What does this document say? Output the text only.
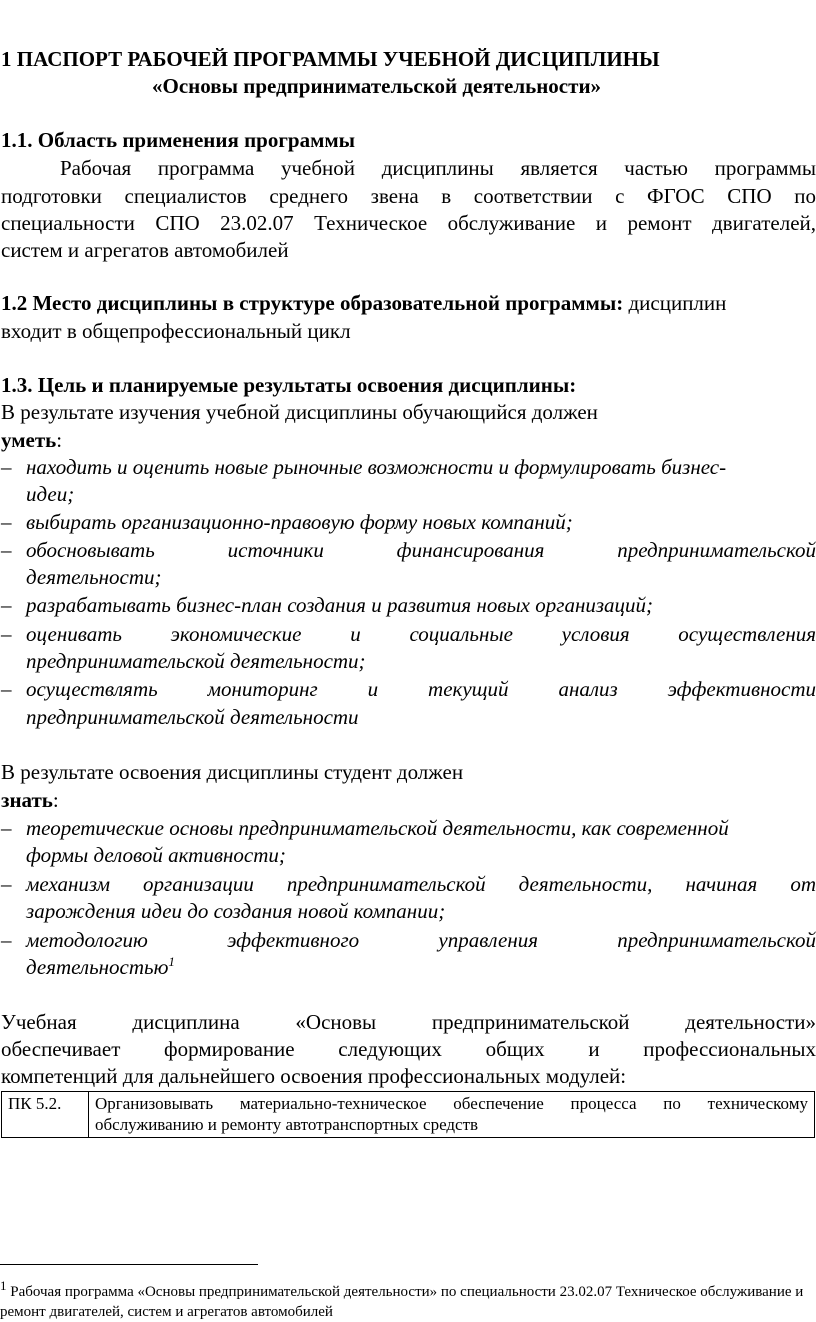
1 ПАСПОРТ РАБОЧЕЙ ПРОГРАММЫ УЧЕБНОЙ ДИСЦИПЛИНЫ
«Основы предпринимательской деятельности»
1.1. Область применения программы
Рабочая программа учебной дисциплины является частью программы
подготовки специалистов среднего звена в соответствии с ФГОС СПО по
специальности СПО 23.02.07 Техническое обслуживание и ремонт двигателей,
систем и агрегатов автомобилей
1.2 Место дисциплины в структуре образовательной программы: дисциплин
входит в общепрофессиональный цикл
1.3. Цель и планируемые результаты освоения дисциплины:
В результате изучения учебной дисциплины обучающийся должен
уметь:
– находить и оценить новые рыночные возможности и формулировать бизнес-
идеи;
– выбирать организационно-правовую форму новых компаний;
– обосновывать источники финансирования предпринимательской
деятельности;
– разрабатывать бизнес-план создания и развития новых организаций;
– оценивать экономические и социальные условия осуществления
предпринимательской деятельности;
– осуществлять мониторинг и текущий анализ эффективности
предпринимательской деятельности
В результате освоения дисциплины студент должен
знать:
– теоретические основы предпринимательской деятельности, как современной
формы деловой активности;
– механизм организации предпринимательской деятельности, начиная от
зарождения идеи до создания новой компании;
– методологию эффективного управления предпринимательской
деятельностью$^1$
Учебная дисциплина «Основы предпринимательской деятельности»
обеспечивает формирование следующих общих и профессиональных
компетенций для дальнейшего освоения профессиональных модулей:
ПК 5.2.	Организовывать материально-техническое обеспечение процесса по техническому обслуживанию и ремонту автотранспортных средств
$^1$ Рабочая программа «Основы предпринимательской деятельности» по специальности 23.02.07 Техническое обслуживание и ремонт двигателей, систем и агрегатов автомобилей
